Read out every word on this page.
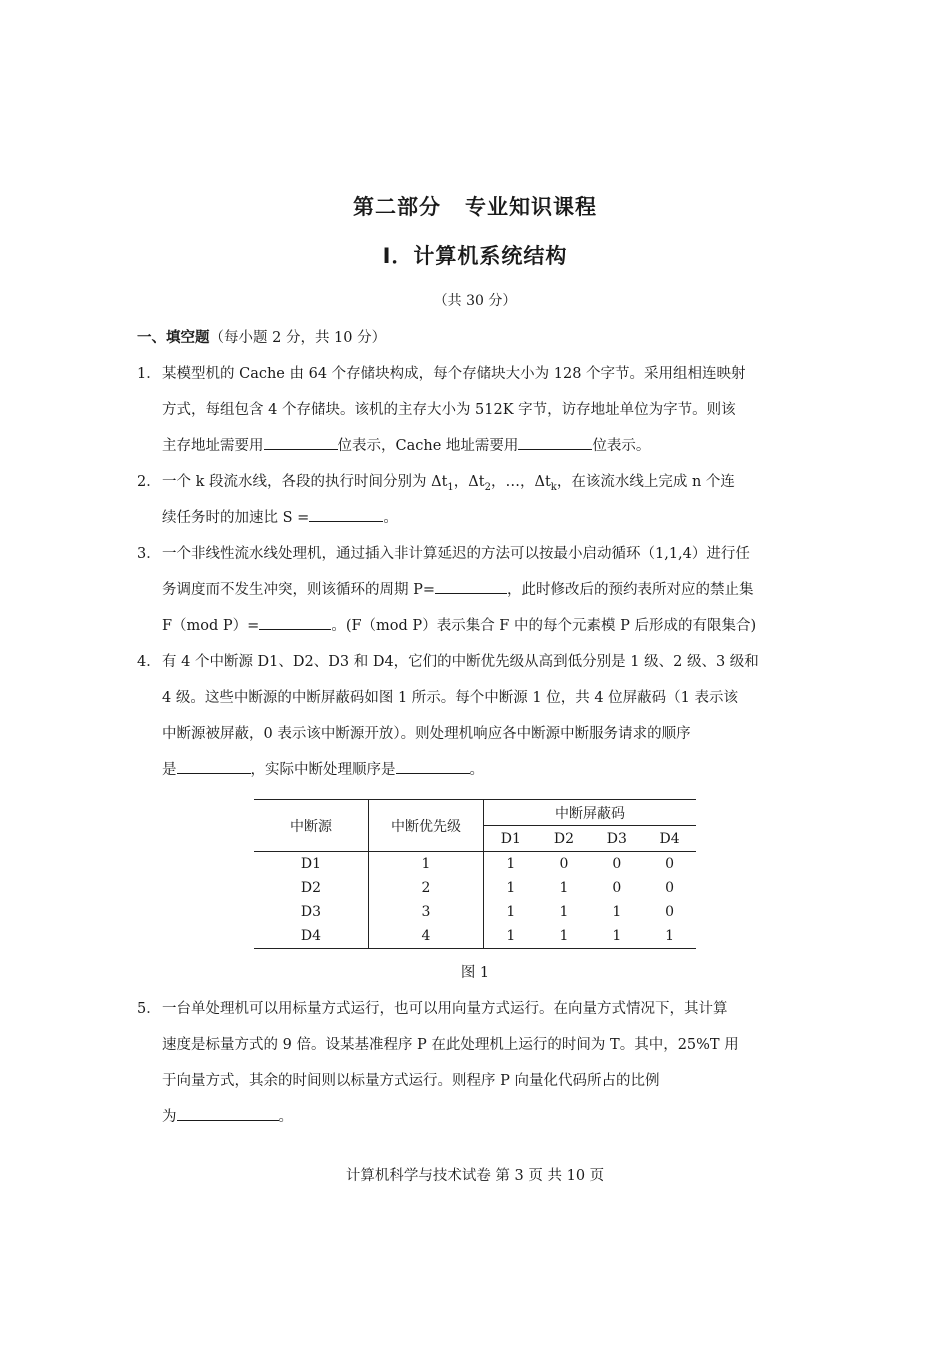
第二部分 专业知识课程
Ⅰ．计算机系统结构
（共 30 分）
一、填空题（每小题 2 分，共 10 分）
1． 某模型机的 Cache 由 64 个存储块构成，每个存储块大小为 128 个字节。采用组相连映射
方式，每组包含 4 个存储块。该机的主存大小为 512K 字节，访存地址单位为字节。则该
主存地址需要用	位表示，Cache 地址需要用	位表示。
2． 一个 k 段流水线，各段的执行时间分别为 $\Delta t_1$，$\Delta t_2$，…，$\Delta t_k$，在该流水线上完成 n 个连
续任务时的加速比 S =	。
3． 一个非线性流水线处理机，通过插入非计算延迟的方法可以按最小启动循环（1,1,4）进行任
务调度而不发生冲突，则该循环的周期 P=	，此时修改后的预约表所对应的禁止集
F（mod P）=	。(F（mod P）表示集合 F 中的每个元素模 P 后形成的有限集合)
4． 有 4 个中断源 D1、D2、D3 和 D4，它们的中断优先级从高到低分别是 1 级、2 级、3 级和
4 级。这些中断源的中断屏蔽码如图 1 所示。每个中断源 1 位，共 4 位屏蔽码（1 表示该
中断源被屏蔽，0 表示该中断源开放）。则处理机响应各中断源中断服务请求的顺序
是	，实际中断处理顺序是	。
中断源	中断优先级	中断屏蔽码			
		D1	D2	D3	D4
D1	1	1	0	0	0
D2	2	1	1	0	0
D3	3	1	1	1	0
D4	4	1	1	1	1
图 1
5． 一台单处理机可以用标量方式运行，也可以用向量方式运行。在向量方式情况下，其计算
速度是标量方式的 9 倍。设某基准程序 P 在此处理机上运行的时间为 T。其中，25%T 用
于向量方式，其余的时间则以标量方式运行。则程序 P 向量化代码所占的比例
为	。
计算机科学与技术试卷 第 3 页 共 10 页
